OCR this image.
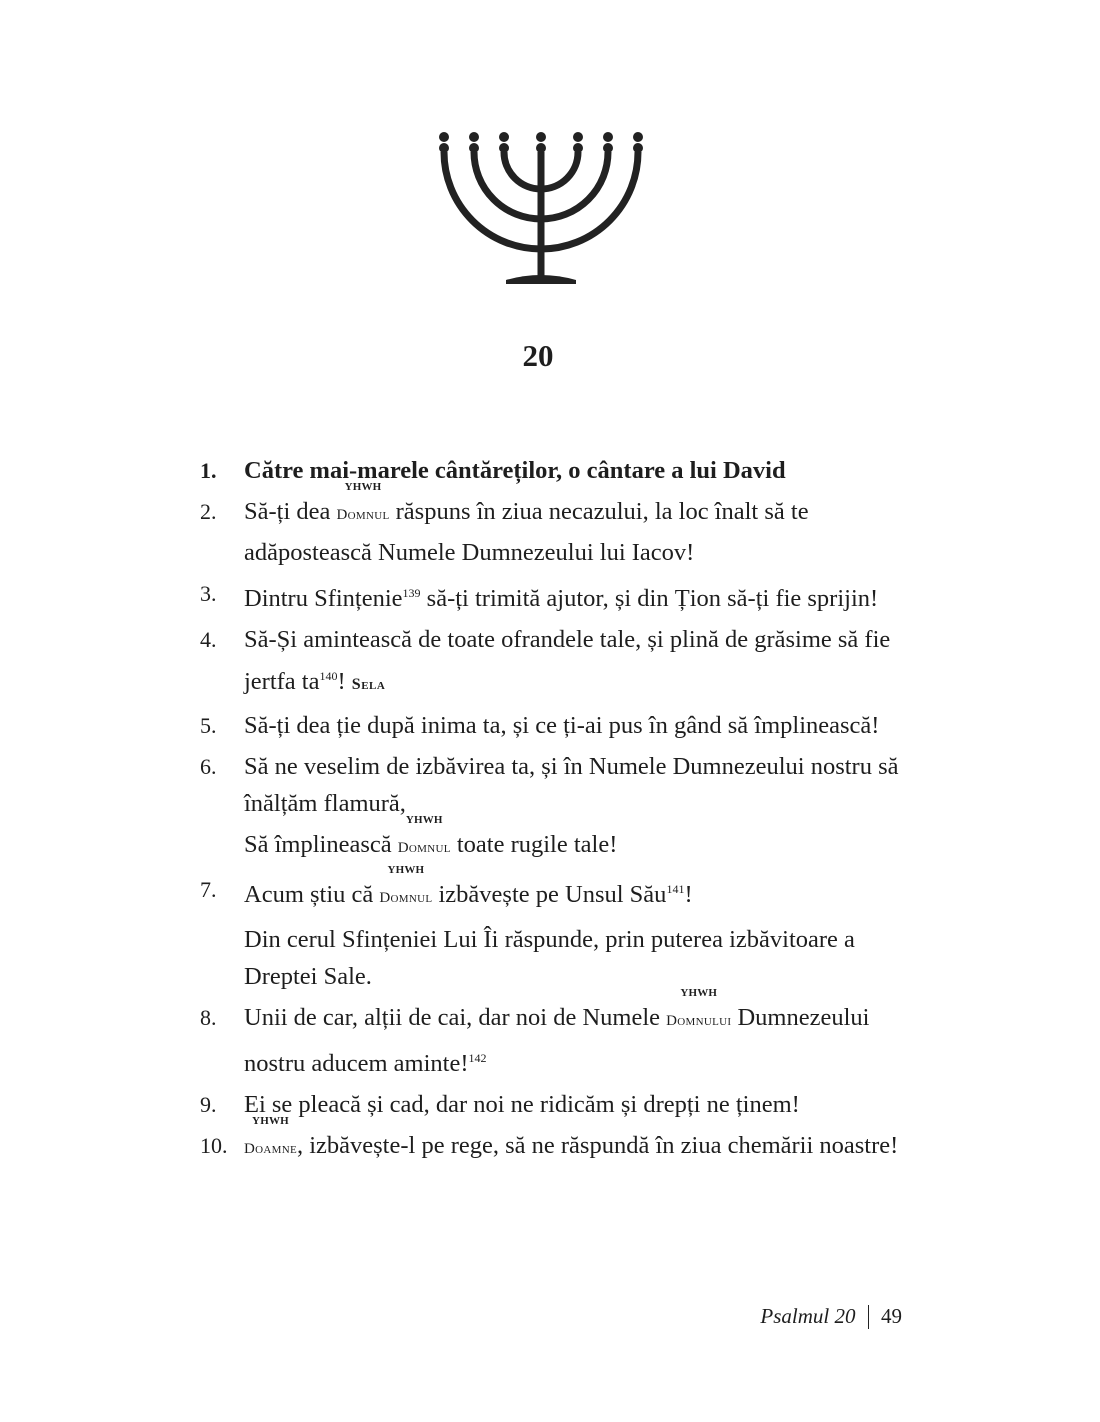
20
1. Către mai-marele cântăreților, o cântare a lui David
2. Să-ți dea
YHWH
Domnul răspuns în ziua necazului, la loc înalt să te adăpostească Numele Dumnezeului lui Iacov!
3. Dintru Sfințenie$^{139}$ să-ți trimită ajutor, și din Țion să-ți fie sprijin!
4. Să-Și amintească de toate ofrandele tale, și plină de grăsime să fie jertfa $ta^{140}$! Sela
5. Să-ți dea ție după inima ta, și ce ți-ai pus în gând să împlinească!
6. Să ne veselim de izbăvirea ta, și în Numele Dumnezeului nostru să înălțăm flamură,
Să împlinească
YHWH
Domnul toate rugile tale!
7. Acum știu că
YHWH
Domnul izbăvește pe Unsul Său$^{141}$!
Din cerul Sfințeniei Lui Îi răspunde, prin puterea izbăvitoare a Dreptei Sale.
8. Unii de car, alții de cai, dar noi de Numele
YHWH
Domnului Dumnezeului nostru aducem aminte!$^{142}$
9. Ei se pleacă și cad, dar noi ne ridicăm și drepți ne ținem!
10.
YHWH
Doamne, izbăvește-l pe rege, să ne răspundă în ziua chemării noastre!
Psalmul 20 49
